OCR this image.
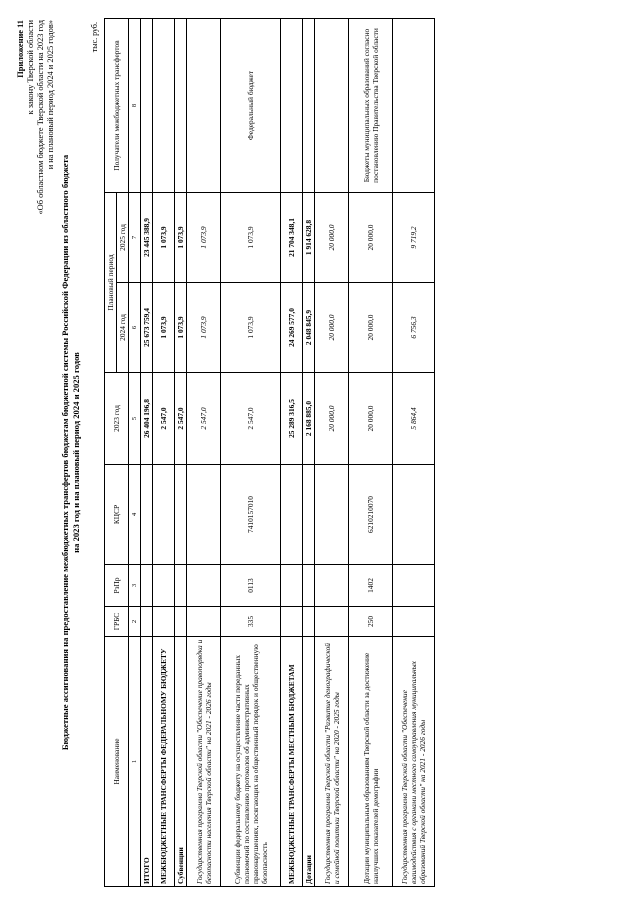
Приложение 11 к закону Тверской области «Об областном бюджете Тверской области на 2023 год и на плановый период 2024 и 2025 годов»
Бюджетные ассигнования на предоставление межбюджетных трансфертов бюджетам бюджетной системы Российской Федерации из областного бюджета на 2023 год и на плановый период 2024 и 2025 годов
тыс. руб.
Наименование	ГРБС	РзПр	КЦСР	2023 год	Плановый период		Получатели межбюджетных трансфертов
					2024 год	2025 год	
1	2	3	4	5	6	7	8
ИТОГО				26 404 196,8	25 673 759,4	23 445 388,9	
МЕЖБЮДЖЕТНЫЕ ТРАНСФЕРТЫ ФЕДЕРАЛЬНОМУ БЮДЖЕТУ				2 547,0	1 073,9	1 073,9	
Субвенции				2 547,0	1 073,9	1 073,9	
Государственная программа Тверской области "Обеспечение правопорядка и безопасности населения Тверской области" на 2021 - 2026 годы				2 547,0	1 073,9	1 073,9	
Субвенции федеральному бюджету на осуществление части переданных полномочий по составлению протоколов об административных правонарушениях, посягающих на общественный порядок и общественную безопасность	335	0113	7410157010	2 547,0	1 073,9	1 073,9	Федеральный бюджет
МЕЖБЮДЖЕТНЫЕ ТРАНСФЕРТЫ МЕСТНЫМ БЮДЖЕТАМ				25 289 316,5	24 269 577,0	21 704 348,1	
Дотации				2 168 885,0	2 048 845,9	1 914 628,8	
Государственная программа Тверской области "Развитие демографической и семейной политики Тверской области" на 2020 - 2025 годы				20 000,0	20 000,0	20 000,0	
Дотации муниципальным образованиям Тверской области за достижение наилучших показателей демографии	250	1402	6210210070	20 000,0	20 000,0	20 000,0	Бюджеты муниципальных образований согласно постановлению Правительства Тверской области
Государственная программа Тверской области "Обеспечение взаимодействия с органами местного самоуправления муниципальных образований Тверской области" на 2021 - 2026 годы				5 864,4	6 756,3	9 719,2	
